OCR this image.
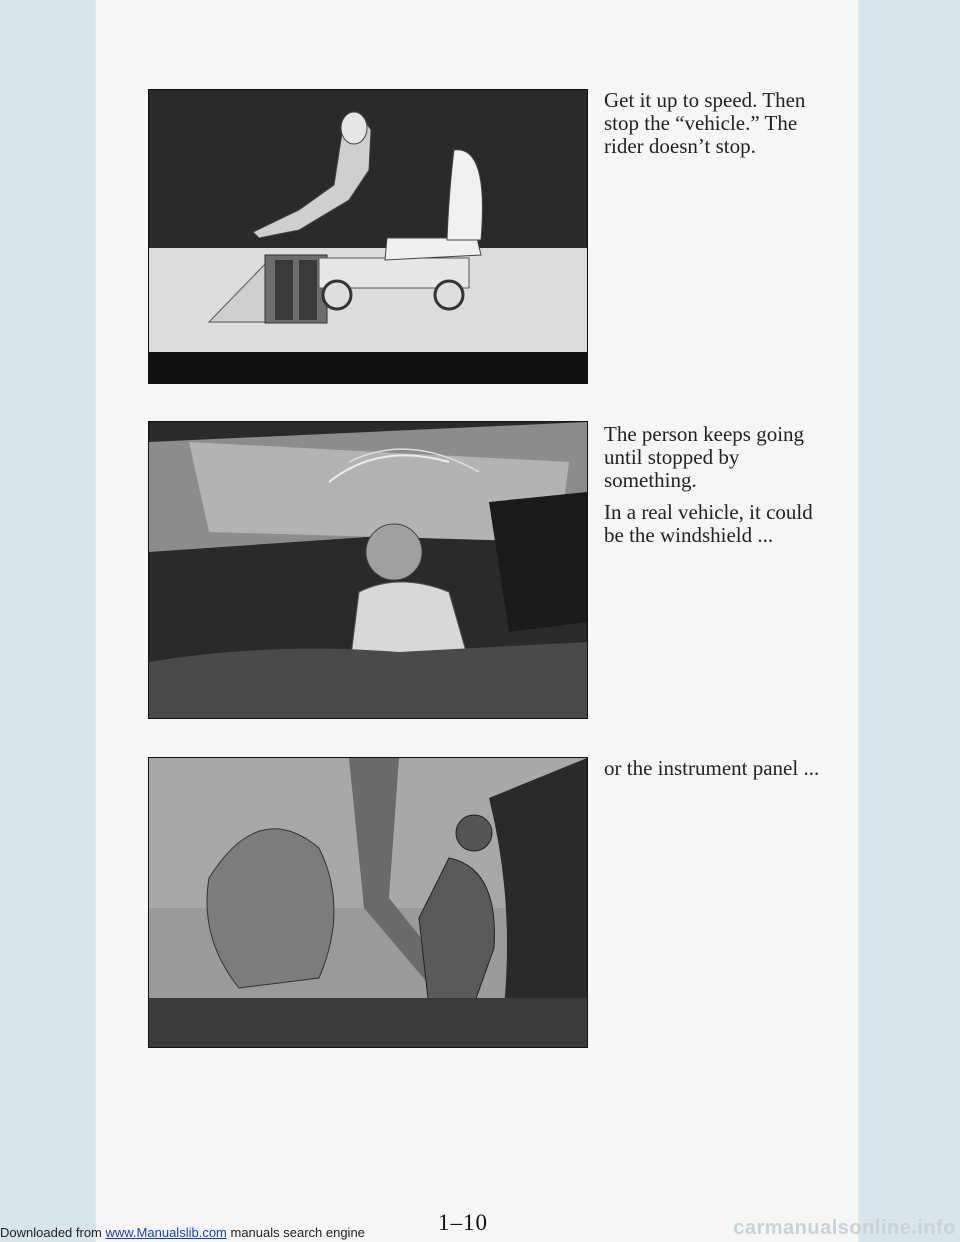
Get it up to speed. Then stop the “vehicle.” The rider doesn’t stop.

The person keeps going until stopped by something.

In a real vehicle, it could be the windshield ...

or the instrument panel ...

1–10
Downloaded from www.Manualslib.com manuals search engine	carmanualsonline.info
